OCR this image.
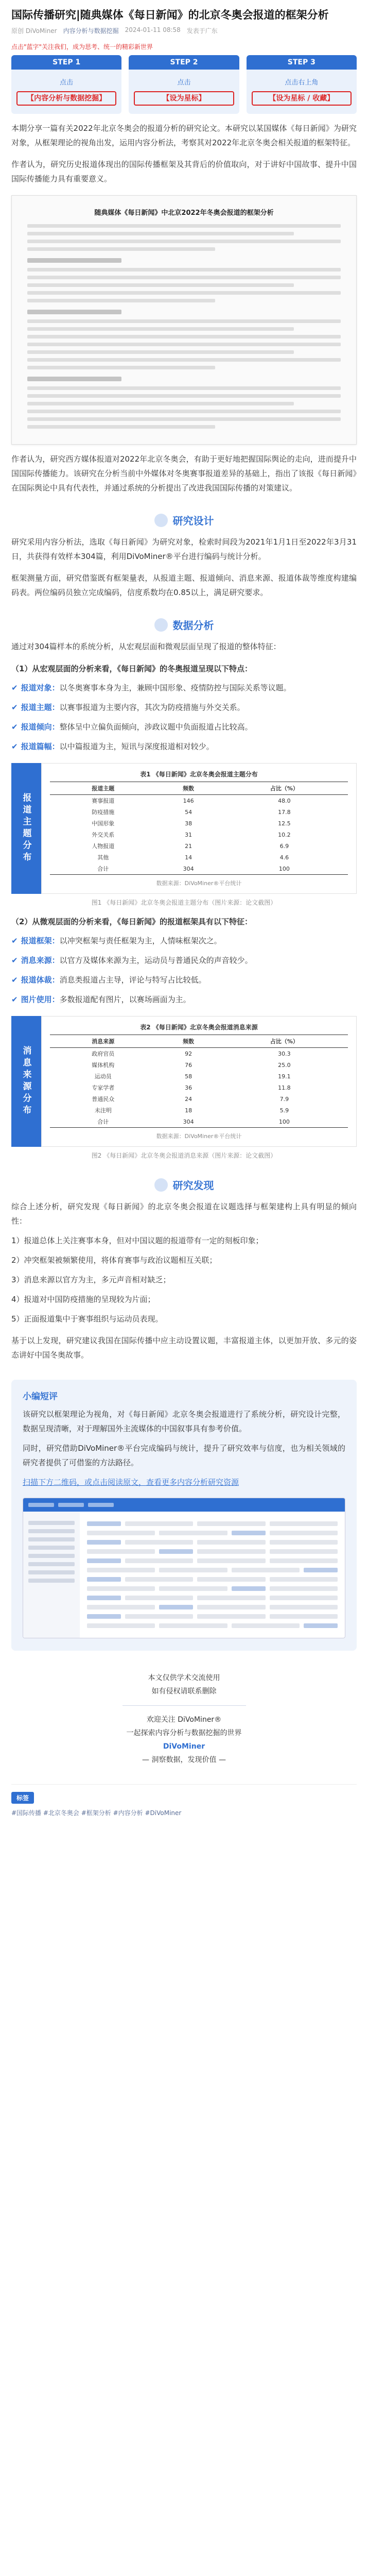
国际传播研究|随典媒体《每日新闻》的北京冬奥会报道的框架分析
原创 DiVoMiner 内容分析与数据挖掘 2024-01-11 08:58 发表于广东
点击"蓝字"关注我们，成为思考、统一的精彩新世界
STEP 1
点击
【内容分析与数据挖掘】
STEP 2
点击
【设为星标】
STEP 3
点击右上角
【设为星标 / 收藏】

本期分享一篇有关2022年北京冬奥会的报道分析的研究论文。本研究以某国媒体《每日新闻》为研究对象，从框架理论的视角出发，运用内容分析法，考察其对2022年北京冬奥会相关报道的框架特征。

作者认为，研究历史报道体现出的国际传播框架及其背后的价值取向，对于讲好中国故事、提升中国国际传播能力具有重要意义。

随典媒体《每日新闻》中北京2022年冬奥会报道的框架分析

作者认为，研究西方媒体报道对2022年北京冬奥会，有助于更好地把握国际舆论的走向，进而提升中国国际传播能力。该研究在分析当前中外媒体对冬奥赛事报道差异的基础上，指出了该报《每日新闻》在国际舆论中具有代表性，并通过系统的分析提出了改进我国国际传播的对策建议。

研究设计

研究采用内容分析法，选取《每日新闻》为研究对象，检索时间段为2021年1月1日至2022年3月31日，共获得有效样本304篇，利用DiVoMiner®平台进行编码与统计分析。

框架测量方面，研究借鉴既有框架量表，从报道主题、报道倾向、消息来源、报道体裁等维度构建编码表。两位编码员独立完成编码，信度系数均在0.85以上，满足研究要求。

数据分析

通过对304篇样本的系统分析，从宏观层面和微观层面呈现了报道的整体特征：

（1）从宏观层面的分析来看，《每日新闻》的冬奥报道呈现以下特点：
✔ 报道对象：以冬奥赛事本身为主，兼顾中国形象、疫情防控与国际关系等议题。
✔ 报道主题：以赛事报道为主要内容，其次为防疫措施与外交关系。
✔ 报道倾向：整体呈中立偏负面倾向，涉政议题中负面报道占比较高。
✔ 报道篇幅：以中篇报道为主，短讯与深度报道相对较少。
报道主题分布
表1 《每日新闻》北京冬奥会报道主题分布
报道主题	频数	占比（%）
赛事报道	146	48.0
防疫措施	54	17.8
中国形象	38	12.5
外交关系	31	10.2
人物报道	21	6.9
其他	14	4.6
合计	304	100
数据来源：DiVoMiner®平台统计
图1 《每日新闻》北京冬奥会报道主题分布（图片来源：论文截图）
（2）从微观层面的分析来看，《每日新闻》的报道框架具有以下特征：
✔ 报道框架：以冲突框架与责任框架为主，人情味框架次之。
✔ 消息来源：以官方及媒体来源为主，运动员与普通民众的声音较少。
✔ 报道体裁：消息类报道占主导，评论与特写占比较低。
✔ 图片使用：多数报道配有图片，以赛场画面为主。
消息来源分布
表2 《每日新闻》北京冬奥会报道消息来源
消息来源	频数	占比（%）
政府官员	92	30.3
媒体机构	76	25.0
运动员	58	19.1
专家学者	36	11.8
普通民众	24	7.9
未注明	18	5.9
合计	304	100
数据来源：DiVoMiner®平台统计
图2 《每日新闻》北京冬奥会报道消息来源（图片来源：论文截图）
研究发现

综合上述分析，研究发现《每日新闻》的北京冬奥会报道在议题选择与框架建构上具有明显的倾向性：

1）报道总体上关注赛事本身，但对中国议题的报道带有一定的刻板印象；
2）冲突框架被频繁使用，将体育赛事与政治议题相互关联；
3）消息来源以官方为主，多元声音相对缺乏；
4）报道对中国防疫措施的呈现较为片面；
5）正面报道集中于赛事组织与运动员表现。

基于以上发现，研究建议我国在国际传播中应主动设置议题，丰富报道主体，以更加开放、多元的姿态讲好中国冬奥故事。

小编短评

该研究以框架理论为视角，对《每日新闻》北京冬奥会报道进行了系统分析，研究设计完整，数据呈现清晰，对于理解国外主流媒体的中国叙事具有参考价值。

同时，研究借助DiVoMiner®平台完成编码与统计，提升了研究效率与信度，也为相关领域的研究者提供了可借鉴的方法路径。

扫描下方二维码，或点击阅读原文，查看更多内容分析研究资源

本文仅供学术交流使用
如有侵权请联系删除
欢迎关注 DiVoMiner®
一起探索内容分析与数据挖掘的世界
DiVoMiner
— 洞察数据，发现价值 —
标签
#国际传播 #北京冬奥会 #框架分析 #内容分析 #DiVoMiner
